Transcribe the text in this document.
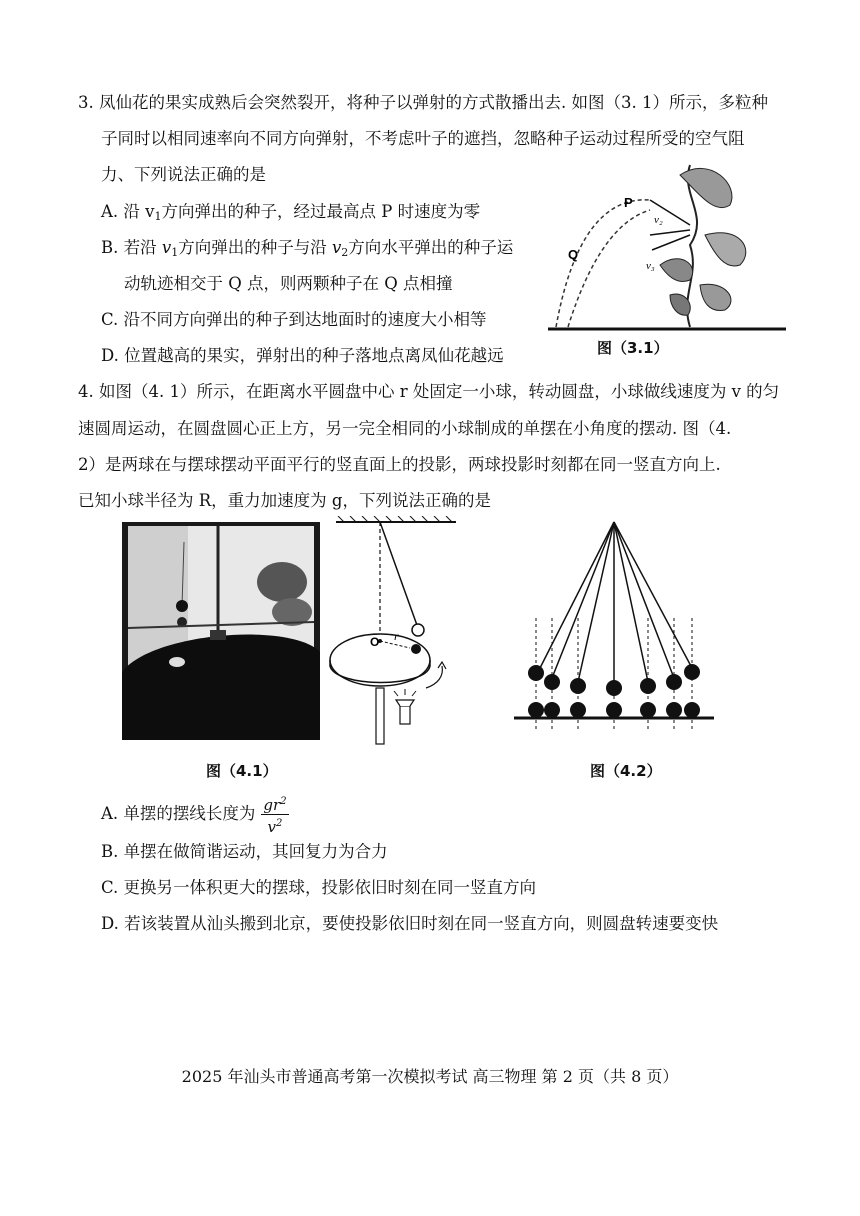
3. 凤仙花的果实成熟后会突然裂开，将种子以弹射的方式散播出去. 如图（3. 1）所示，多粒种
子同时以相同速率向不同方向弹射，不考虑叶子的遮挡，忽略种子运动过程所受的空气阻
力、下列说法正确的是
A. 沿 $v_1$方向弹出的种子，经过最高点 P 时速度为零
B. 若沿 $v_1$方向弹出的种子与沿 $v_2$方向水平弹出的种子运
动轨迹相交于 Q 点，则两颗种子在 Q 点相撞
C. 沿不同方向弹出的种子到达地面时的速度大小相等
D. 位置越高的果实，弹射出的种子落地点离凤仙花越远
P
Q
v₂
v₃
图（3.1）
4. 如图（4. 1）所示，在距离水平圆盘中心 r 处固定一小球，转动圆盘，小球做线速度为 v 的匀
速圆周运动，在圆盘圆心正上方，另一完全相同的小球制成的单摆在小角度的摆动. 图（4.
2）是两球在与摆球摆动平面平行的竖直面上的投影，两球投影时刻都在同一竖直方向上.
已知小球半径为 R，重力加速度为 g，下列说法正确的是
O r
图（4.1）	图（4.2）
A. 单摆的摆线长度为 $\frac{gr^2}{v^2}$
B. 单摆在做简谐运动，其回复力为合力
C. 更换另一体积更大的摆球，投影依旧时刻在同一竖直方向
D. 若该装置从汕头搬到北京，要使投影依旧时刻在同一竖直方向，则圆盘转速要变快
2025 年汕头市普通高考第一次模拟考试 高三物理 第 2 页（共 8 页）
